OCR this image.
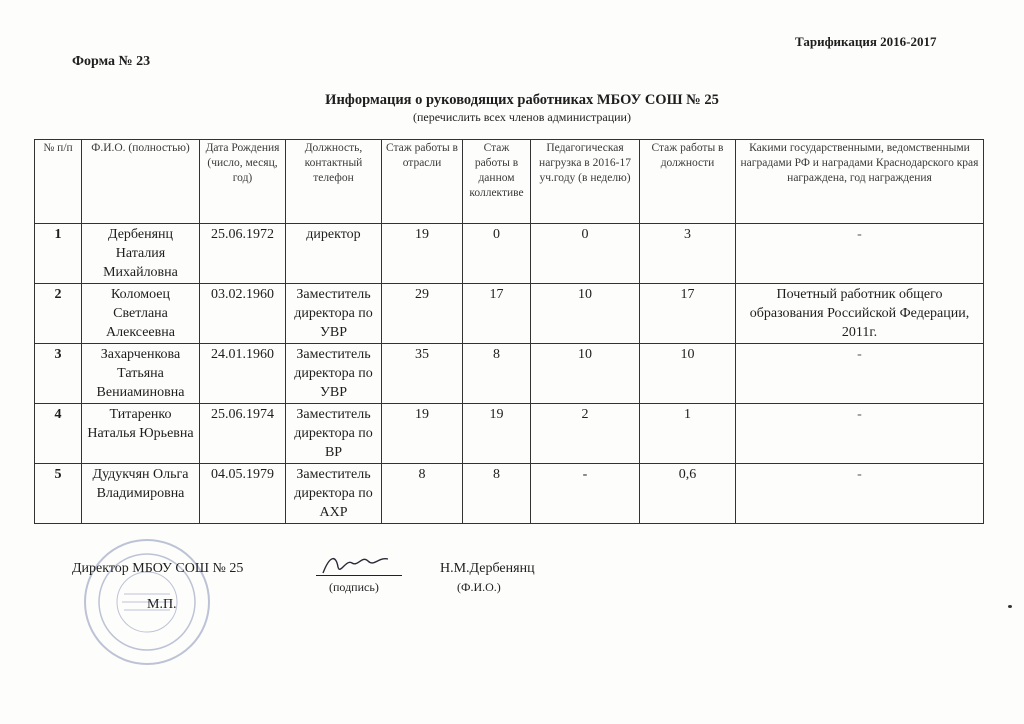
Тарификация 2016-2017
Форма № 23
Информация о руководящих работниках МБОУ СОШ № 25
(перечислить всех членов администрации)
№ п/п	Ф.И.О. (полностью)	Дата Рождения (число, месяц, год)	Должность, контактный телефон	Стаж работы в отрасли	Стаж работы в данном коллективе	Педагогическая нагрузка в 2016-17 уч.году (в неделю)	Стаж работы в должности	Какими государственными, ведомственными наградами РФ и наградами Краснодарского края награждена, год награждения
1	Дербенянц Наталия Михайловна	25.06.1972	директор	19	0	0	3	-
2	Коломоец Светлана Алексеевна	03.02.1960	Заместитель директора по УВР	29	17	10	17	Почетный работник общего образования Российской Федерации, 2011г.
3	Захарченкова Татьяна Вениаминовна	24.01.1960	Заместитель директора по УВР	35	8	10	10	-
4	Титаренко Наталья Юрьевна	25.06.1974	Заместитель директора по ВР	19	19	2	1	-
5	Дудукчян Ольга Владимировна	04.05.1979	Заместитель директора по АХР	8	8	-	0,6	-
Директор МБОУ СОШ № 25
(подпись)
Н.М.Дербенянц
(Ф.И.О.)
М.П.
